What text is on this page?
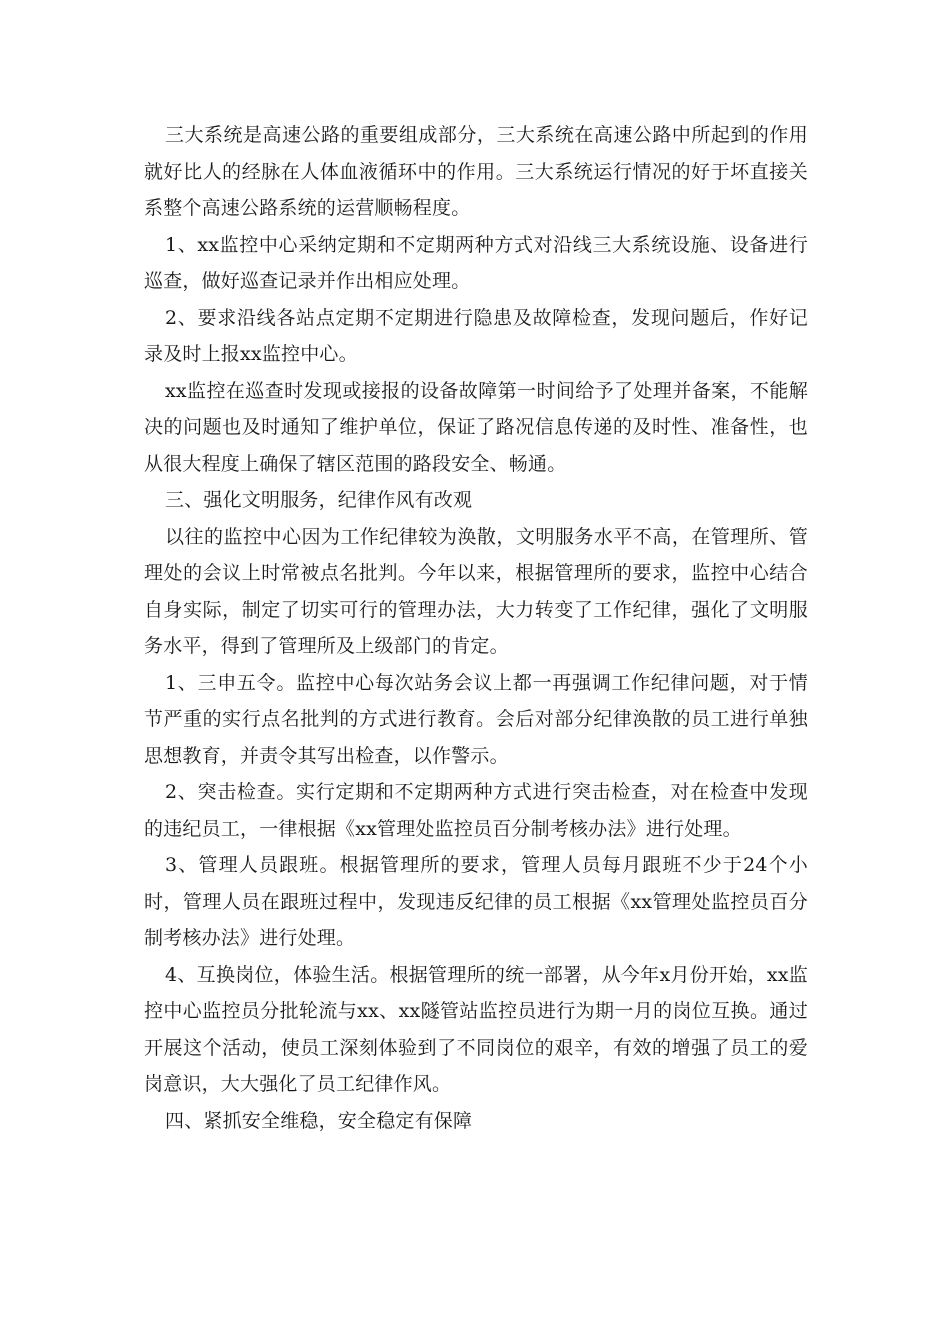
三大系统是高速公路的重要组成部分，三大系统在高速公路中所起到的作用就好比人的经脉在人体血液循环中的作用。三大系统运行情况的好于坏直接关系整个高速公路系统的运营顺畅程度。

1、xx监控中心采纳定期和不定期两种方式对沿线三大系统设施、设备进行巡查，做好巡查记录并作出相应处理。

2、要求沿线各站点定期不定期进行隐患及故障检查，发现问题后，作好记录及时上报xx监控中心。

xx监控在巡查时发现或接报的设备故障第一时间给予了处理并备案，不能解决的问题也及时通知了维护单位，保证了路况信息传递的及时性、准备性，也从很大程度上确保了辖区范围的路段安全、畅通。

三、强化文明服务，纪律作风有改观

以往的监控中心因为工作纪律较为涣散，文明服务水平不高，在管理所、管理处的会议上时常被点名批判。今年以来，根据管理所的要求，监控中心结合自身实际，制定了切实可行的管理办法，大力转变了工作纪律，强化了文明服务水平，得到了管理所及上级部门的肯定。

1、三申五令。监控中心每次站务会议上都一再强调工作纪律问题，对于情节严重的实行点名批判的方式进行教育。会后对部分纪律涣散的员工进行单独思想教育，并责令其写出检查，以作警示。

2、突击检查。实行定期和不定期两种方式进行突击检查，对在检查中发现的违纪员工，一律根据《xx管理处监控员百分制考核办法》进行处理。

3、管理人员跟班。根据管理所的要求，管理人员每月跟班不少于24个小时，管理人员在跟班过程中，发现违反纪律的员工根据《xx管理处监控员百分制考核办法》进行处理。

4、互换岗位，体验生活。根据管理所的统一部署，从今年x月份开始，xx监控中心监控员分批轮流与xx、xx隧管站监控员进行为期一月的岗位互换。通过开展这个活动，使员工深刻体验到了不同岗位的艰辛，有效的增强了员工的爱岗意识，大大强化了员工纪律作风。

四、紧抓安全维稳，安全稳定有保障
